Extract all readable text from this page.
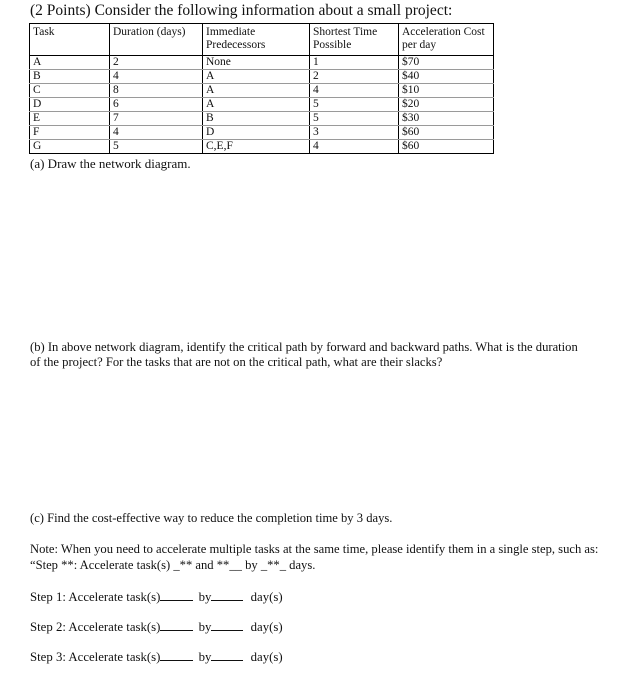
(2 Points) Consider the following information about a small project:
Task	Duration (days)	Immediate Predecessors	Shortest Time Possible	Acceleration Cost per day
A	2	None	1	$70
B	4	A	2	$40
C	8	A	4	$10
D	6	A	5	$20
E	7	B	5	$30
F	4	D	3	$60
G	5	C,E,F	4	$60
(a) Draw the network diagram.
(b) In above network diagram, identify the critical path by forward and backward paths. What is the duration of the project? For the tasks that are not on the critical path, what are their slacks?
(c) Find the cost-effective way to reduce the completion time by 3 days.
Note: When you need to accelerate multiple tasks at the same time, please identify them in a single step, such as: “Step **: Accelerate task(s) _** and **__ by _**_ days.
Step 1: Accelerate task(s)	by	day(s)
Step 2: Accelerate task(s)	by	day(s)
Step 3: Accelerate task(s)	by	day(s)
